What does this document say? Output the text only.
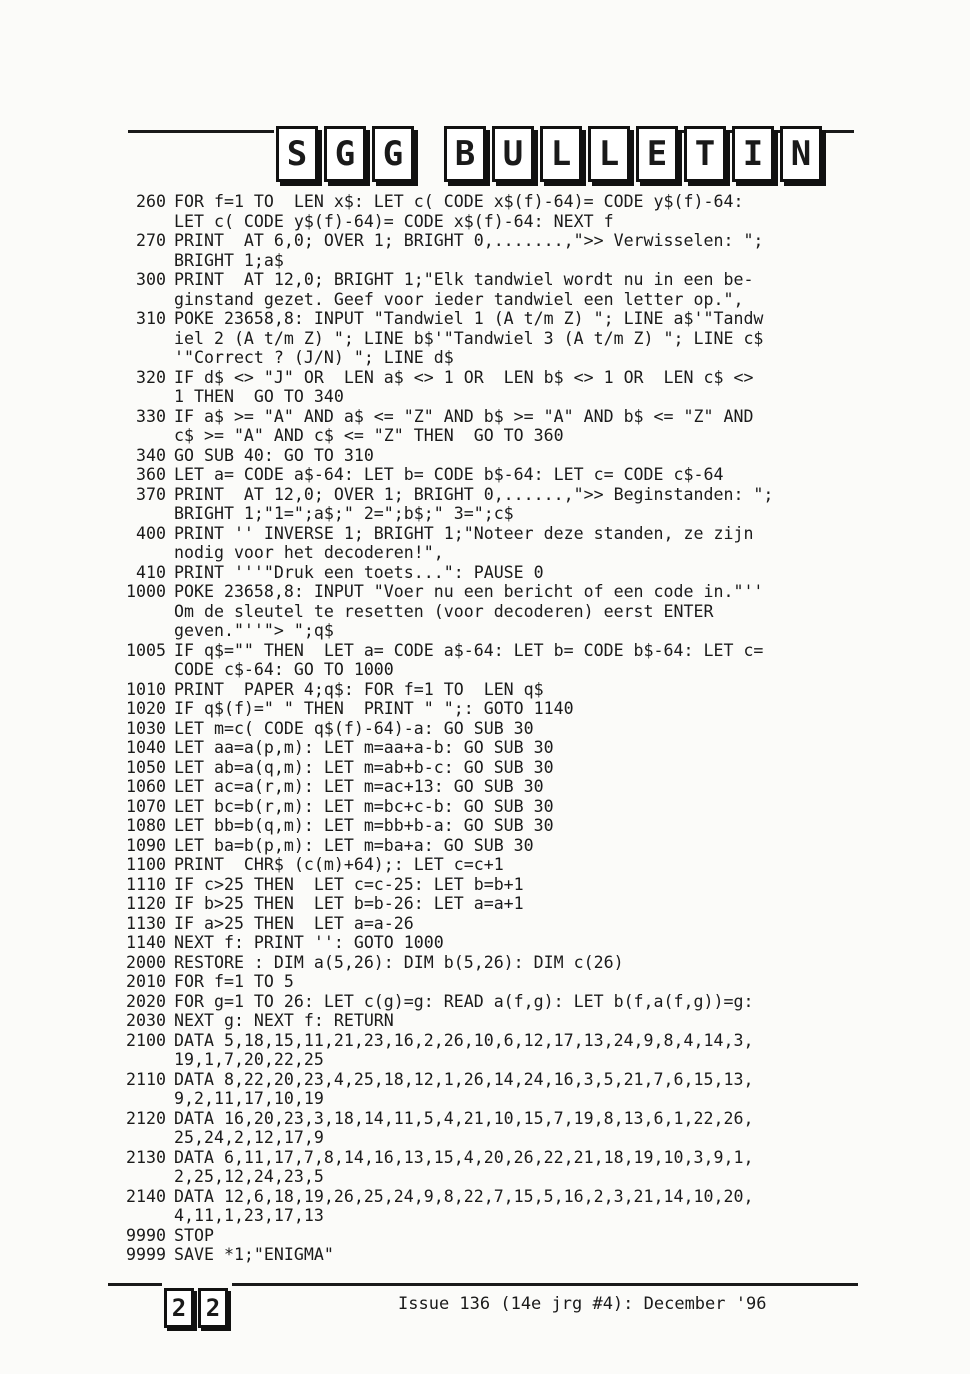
S G G B U L L E T I N
260 FOR f=1 TO  LEN x$: LET c( CODE x$(f)-64)= CODE y$(f)-64:
LET c( CODE y$(f)-64)= CODE x$(f)-64: NEXT f
270 PRINT  AT 6,0; OVER 1; BRIGHT 0,.......,">> Verwisselen: ";
BRIGHT 1;a$
300 PRINT  AT 12,0; BRIGHT 1;"Elk tandwiel wordt nu in een be-
ginstand gezet. Geef voor ieder tandwiel een letter op.",
310 POKE 23658,8: INPUT "Tandwiel 1 (A t/m Z) "; LINE a$'"Tandw
iel 2 (A t/m Z) "; LINE b$'"Tandwiel 3 (A t/m Z) "; LINE c$
'"Correct ? (J/N) "; LINE d$
320 IF d$ <> "J" OR  LEN a$ <> 1 OR  LEN b$ <> 1 OR  LEN c$ <>
1 THEN  GO TO 340
330 IF a$ >= "A" AND a$ <= "Z" AND b$ >= "A" AND b$ <= "Z" AND
c$ >= "A" AND c$ <= "Z" THEN  GO TO 360
340 GO SUB 40: GO TO 310
360 LET a= CODE a$-64: LET b= CODE b$-64: LET c= CODE c$-64
370 PRINT  AT 12,0; OVER 1; BRIGHT 0,......,">> Beginstanden: ";
BRIGHT 1;"1=";a$;" 2=";b$;" 3=";c$
400 PRINT '' INVERSE 1; BRIGHT 1;"Noteer deze standen, ze zijn
nodig voor het decoderen!",
410 PRINT '''"Druk een toets...": PAUSE 0
1000 POKE 23658,8: INPUT "Voer nu een bericht of een code in."''
Om de sleutel te resetten (voor decoderen) eerst ENTER
geven."''"> ";q$
1005 IF q$="" THEN  LET a= CODE a$-64: LET b= CODE b$-64: LET c=
CODE c$-64: GO TO 1000
1010 PRINT  PAPER 4;q$: FOR f=1 TO  LEN q$
1020 IF q$(f)=" " THEN  PRINT " ";: GOTO 1140
1030 LET m=c( CODE q$(f)-64)-a: GO SUB 30
1040 LET aa=a(p,m): LET m=aa+a-b: GO SUB 30
1050 LET ab=a(q,m): LET m=ab+b-c: GO SUB 30
1060 LET ac=a(r,m): LET m=ac+13: GO SUB 30
1070 LET bc=b(r,m): LET m=bc+c-b: GO SUB 30
1080 LET bb=b(q,m): LET m=bb+b-a: GO SUB 30
1090 LET ba=b(p,m): LET m=ba+a: GO SUB 30
1100 PRINT  CHR$ (c(m)+64);: LET c=c+1
1110 IF c>25 THEN  LET c=c-25: LET b=b+1
1120 IF b>25 THEN  LET b=b-26: LET a=a+1
1130 IF a>25 THEN  LET a=a-26
1140 NEXT f: PRINT '': GOTO 1000
2000 RESTORE : DIM a(5,26): DIM b(5,26): DIM c(26)
2010 FOR f=1 TO 5
2020 FOR g=1 TO 26: LET c(g)=g: READ a(f,g): LET b(f,a(f,g))=g:
2030 NEXT g: NEXT f: RETURN
2100 DATA 5,18,15,11,21,23,16,2,26,10,6,12,17,13,24,9,8,4,14,3,
19,1,7,20,22,25
2110 DATA 8,22,20,23,4,25,18,12,1,26,14,24,16,3,5,21,7,6,15,13,
9,2,11,17,10,19
2120 DATA 16,20,23,3,18,14,11,5,4,21,10,15,7,19,8,13,6,1,22,26,
25,24,2,12,17,9
2130 DATA 6,11,17,7,8,14,16,13,15,4,20,26,22,21,18,19,10,3,9,1,
2,25,12,24,23,5
2140 DATA 12,6,18,19,26,25,24,9,8,22,7,15,5,16,2,3,21,14,10,20,
4,11,1,23,17,13
9990 STOP
9999 SAVE *1;"ENIGMA"
2 2	Issue 136 (14e jrg #4): December '96
